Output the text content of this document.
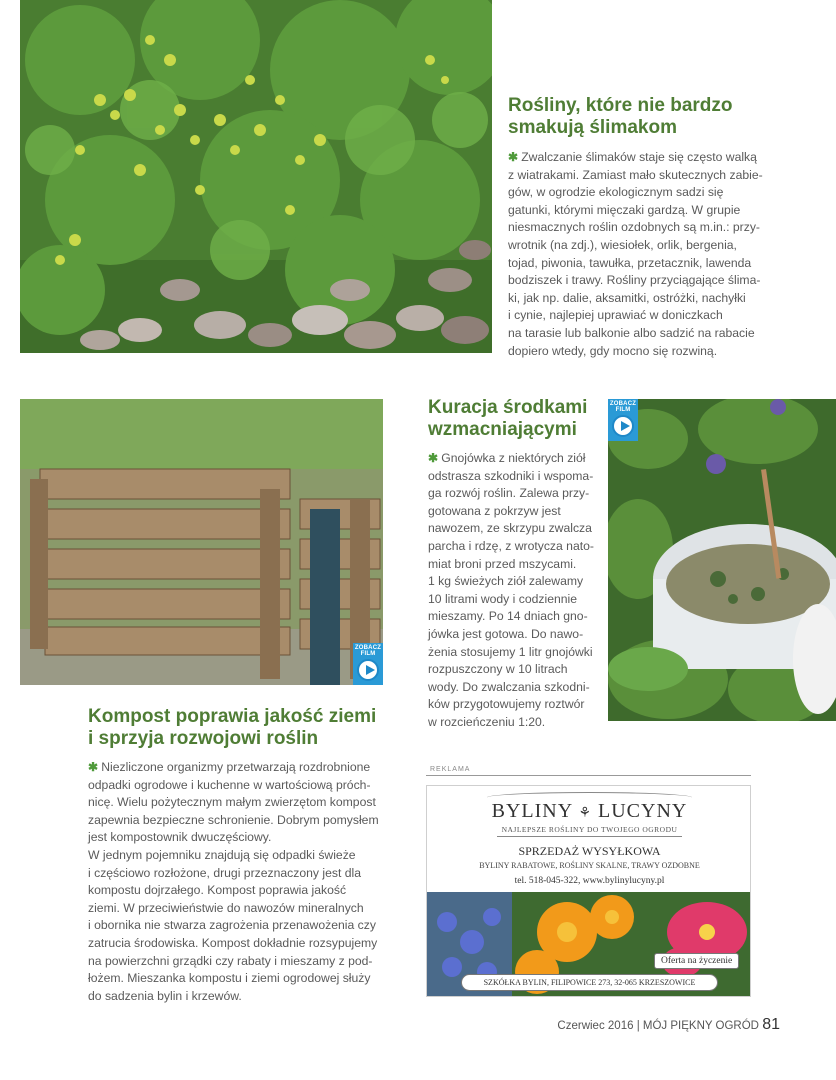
Rośliny, które nie bardzo
smakują ślimakom
✱ Zwalczanie ślimaków staje się często walką
z wiatrakami. Zamiast mało skutecznych zabie-
gów, w ogrodzie ekologicznym sadzi się
gatunki, którymi mięczaki gardzą. W grupie
niesmacznych roślin ozdobnych są m.in.: przy-
wrotnik (na zdj.), wiesiołek, orlik, bergenia,
tojad, piwonia, tawułka, przetacznik, lawenda
bodziszek i trawy. Rośliny przyciągające ślima-
ki, jak np. dalie, aksamitki, ostróżki, nachyłki
i cynie, najlepiej uprawiać w doniczkach
na tarasie lub balkonie albo sadzić na rabacie
dopiero wtedy, gdy mocno się rozwiną.
ZOBACZ
FILM
Kuracja środkami
wzmacniającymi
✱ Gnojówka z niektórych ziół
odstrasza szkodniki i wspoma-
ga rozwój roślin. Zalewa przy-
gotowana z pokrzyw jest
nawozem, ze skrzypu zwalcza
parcha i rdzę, z wrotycza nato-
miat broni przed mszycami.
1 kg świeżych ziół zalewamy
10 litrami wody i codziennie
mieszamy. Po 14 dniach gno-
jówka jest gotowa. Do nawo-
żenia stosujemy 1 litr gnojówki
rozpuszczony w 10 litrach
wody. Do zwalczania szkodni-
ków przygotowujemy roztwór
w rozcieńczeniu 1:20.
ZOBACZ
FILM
Kompost poprawia jakość ziemi
i sprzyja rozwojowi roślin
✱ Niezliczone organizmy przetwarzają rozdrobnione
odpadki ogrodowe i kuchenne w wartościową próch-
nicę. Wielu pożytecznym małym zwierzętom kompost
zapewnia bezpieczne schronienie. Dobrym pomysłem
jest kompostownik dwuczęściowy.
W jednym pojemniku znajdują się odpadki świeże
i częściowo rozłożone, drugi przeznaczony jest dla
kompostu dojrzałego. Kompost poprawia jakość
ziemi. W przeciwieństwie do nawozów mineralnych
i obornika nie stwarza zagrożenia przenawożenia czy
zatrucia środowiska. Kompost dokładnie rozsypujemy
na powierzchni grządki czy rabaty i mieszamy z pod-
łożem. Mieszanka kompostu i ziemi ogrodowej służy
do sadzenia bylin i krzewów.
REKLAMA
BYLINY ⚘ LUCYNY
NAJLEPSZE ROŚLINY DO TWOJEGO OGRODU
SPRZEDAŻ WYSYŁKOWA
BYLINY RABATOWE, ROŚLINY SKALNE, TRAWY OZDOBNE
tel. 518-045-322, www.bylinylucyny.pl
Oferta na życzenie
SZKÓŁKA BYLIN, FILIPOWICE 273, 32-065 KRZESZOWICE
Czerwiec 2016 | MÓJ PIĘKNY OGRÓD 81
